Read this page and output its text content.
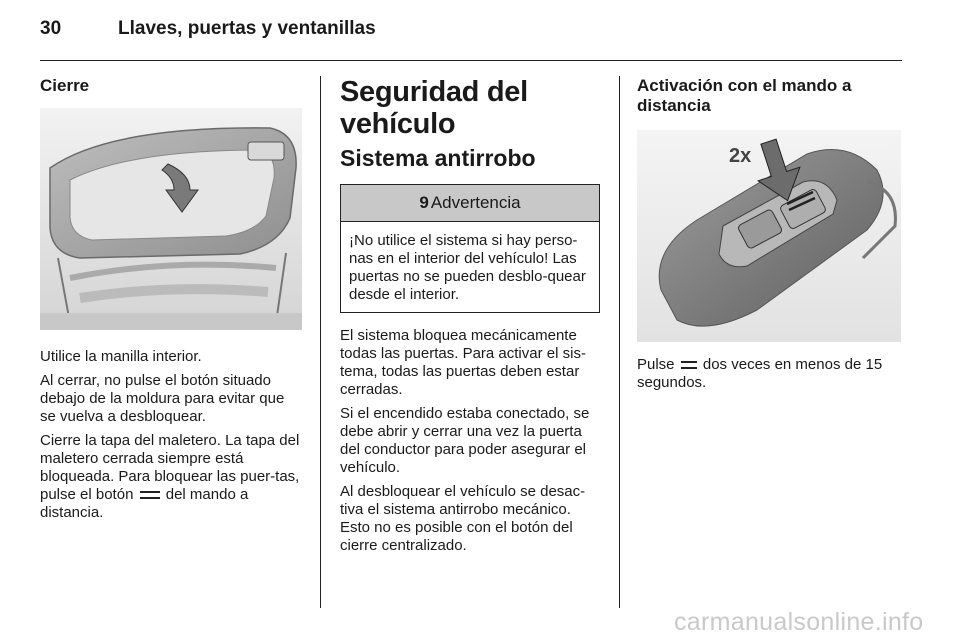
30	Llaves, puertas y ventanillas
Cierre

Utilice la manilla interior.

Al cerrar, no pulse el botón situado debajo de la moldura para evitar que se vuelva a desbloquear.

Cierre la tapa del maletero. La tapa del maletero cerrada siempre está bloqueada. Para bloquear las puer-tas, pulse el botón del mando a distancia.

Seguridad del vehículo
Sistema antirrobo
9 Advertencia
¡No utilice el sistema si hay perso-nas en el interior del vehículo! Las puertas no se pueden desblo-quear desde el interior.

El sistema bloquea mecánicamente todas las puertas. Para activar el sis-tema, todas las puertas deben estar cerradas.

Si el encendido estaba conectado, se debe abrir y cerrar una vez la puerta del conductor para poder asegurar el vehículo.

Al desbloquear el vehículo se desac-tiva el sistema antirrobo mecánico. Esto no es posible con el botón del cierre centralizado.

Activación con el mando a distancia
2x

Pulse dos veces en menos de 15 segundos.

carmanualsonline.info
